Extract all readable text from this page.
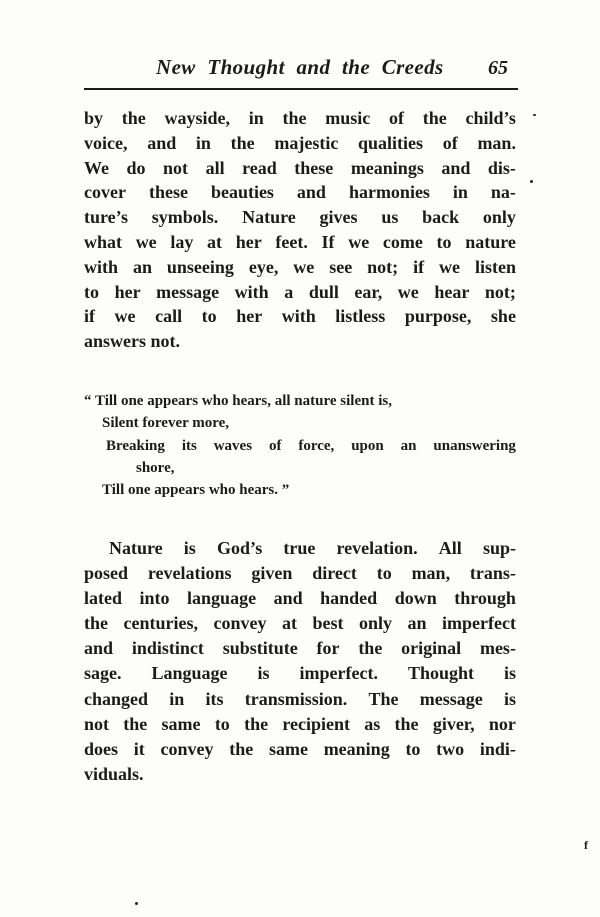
New Thought and the Creeds 65
by the wayside, in the music of the child’s
voice, and in the majestic qualities of man.
We do not all read these meanings and dis-
cover these beauties and harmonies in na-
ture’s symbols. Nature gives us back only
what we lay at her feet. If we come to nature
with an unseeing eye, we see not; if we listen
to her message with a dull ear, we hear not;
if we call to her with listless purpose, she
answers not.
“ Till one appears who hears, all nature silent is,
Silent forever more,
Breaking its waves of force, upon an unanswering
shore,
Till one appears who hears. ”
Nature is God’s true revelation. All sup-
posed revelations given direct to man, trans-
lated into language and handed down through
the centuries, convey at best only an imperfect
and indistinct substitute for the original mes-
sage. Language is imperfect. Thought is
changed in its transmission. The message is
not the same to the recipient as the giver, nor
does it convey the same meaning to two indi-
viduals.
f
